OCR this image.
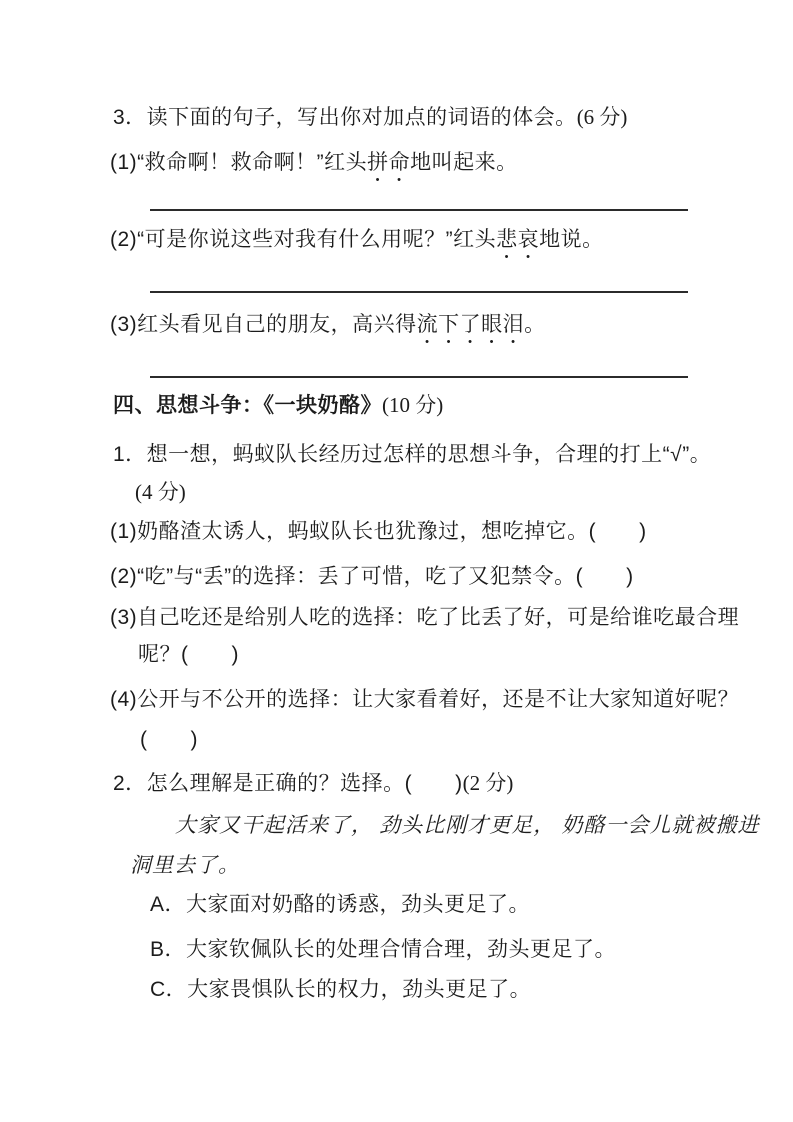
3．读下面的句子，写出你对加点的词语的体会。(6 分)
(1)“救命啊！救命啊！”红头拼命地叫起来。
(2)“可是你说这些对我有什么用呢？”红头悲哀地说。
(3)红头看见自己的朋友，高兴得流下了眼泪。
四、思想斗争：《一块奶酪》(10 分)
1．想一想，蚂蚁队长经历过怎样的思想斗争，合理的打上“√”。
(4 分)
(1)奶酪渣太诱人，蚂蚁队长也犹豫过，想吃掉它。(　　)
(2)“吃”与“丢”的选择：丢了可惜，吃了又犯禁令。(　　)
(3)自己吃还是给别人吃的选择：吃了比丢了好，可是给谁吃最合理
呢？(　　)
(4)公开与不公开的选择：让大家看着好，还是不让大家知道好呢？
(　　)
2．怎么理解是正确的？选择。(　　)(2 分)
大家又干起活来了， 劲头比刚才更足， 奶酪一会儿就被搬进
洞里去了。
A．大家面对奶酪的诱惑，劲头更足了。
B．大家钦佩队长的处理合情合理，劲头更足了。
C．大家畏惧队长的权力，劲头更足了。
